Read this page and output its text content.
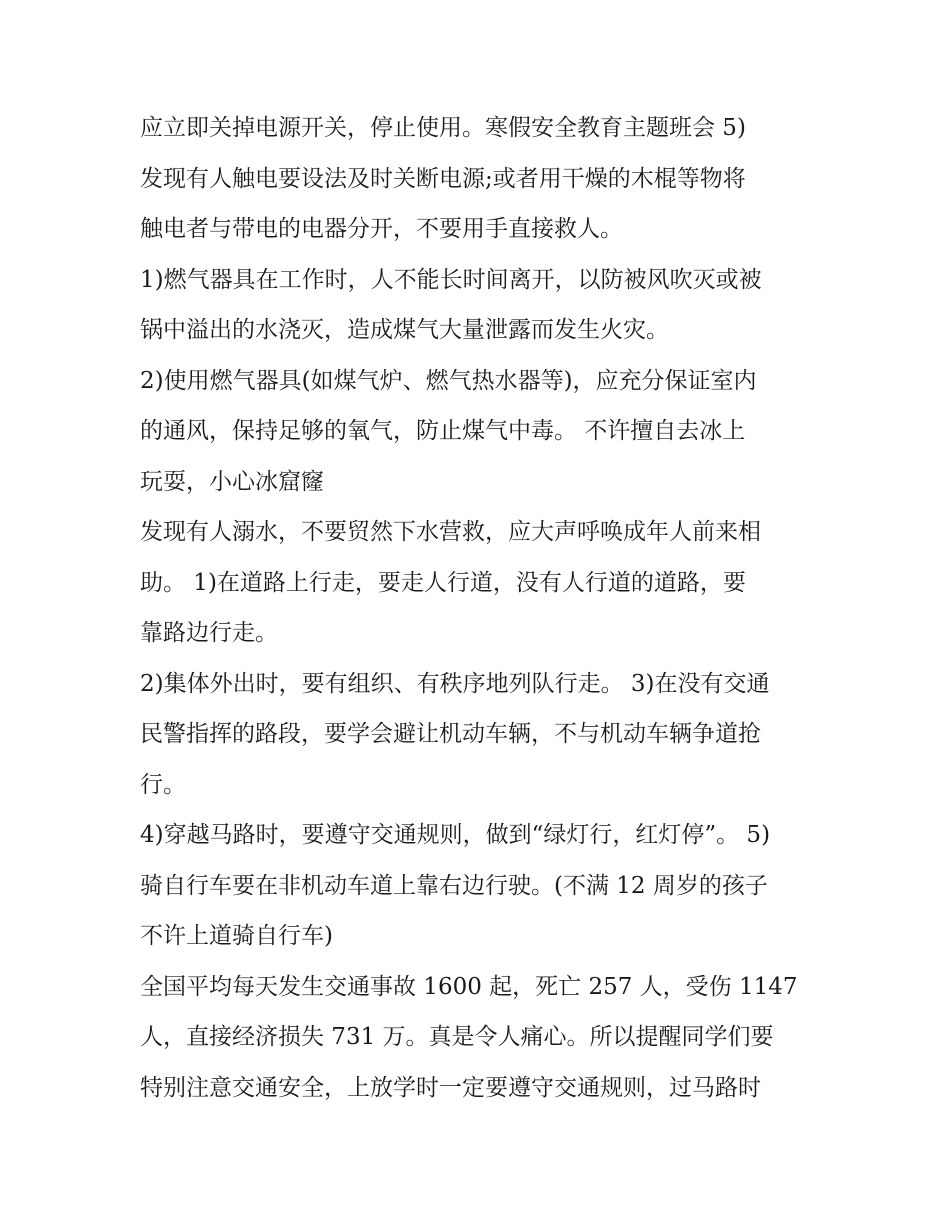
应立即关掉电源开关，停止使用。寒假安全教育主题班会 5)
发现有人触电要设法及时关断电源;或者用干燥的木棍等物将
触电者与带电的电器分开，不要用手直接救人。
1)燃气器具在工作时，人不能长时间离开，以防被风吹灭或被
锅中溢出的水浇灭，造成煤气大量泄露而发生火灾。
2)使用燃气器具(如煤气炉、燃气热水器等)，应充分保证室内
的通风，保持足够的氧气，防止煤气中毒。 不许擅自去冰上
玩耍，小心冰窟窿
发现有人溺水，不要贸然下水营救，应大声呼唤成年人前来相
助。 1)在道路上行走，要走人行道，没有人行道的道路，要
靠路边行走。
2)集体外出时，要有组织、有秩序地列队行走。 3)在没有交通
民警指挥的路段，要学会避让机动车辆，不与机动车辆争道抢
行。
4)穿越马路时，要遵守交通规则，做到“绿灯行，红灯停”。 5)
骑自行车要在非机动车道上靠右边行驶。(不满 12 周岁的孩子
不许上道骑自行车)
全国平均每天发生交通事故 1600 起，死亡 257 人，受伤 1147
人，直接经济损失 731 万。真是令人痛心。所以提醒同学们要
特别注意交通安全，上放学时一定要遵守交通规则，过马路时
